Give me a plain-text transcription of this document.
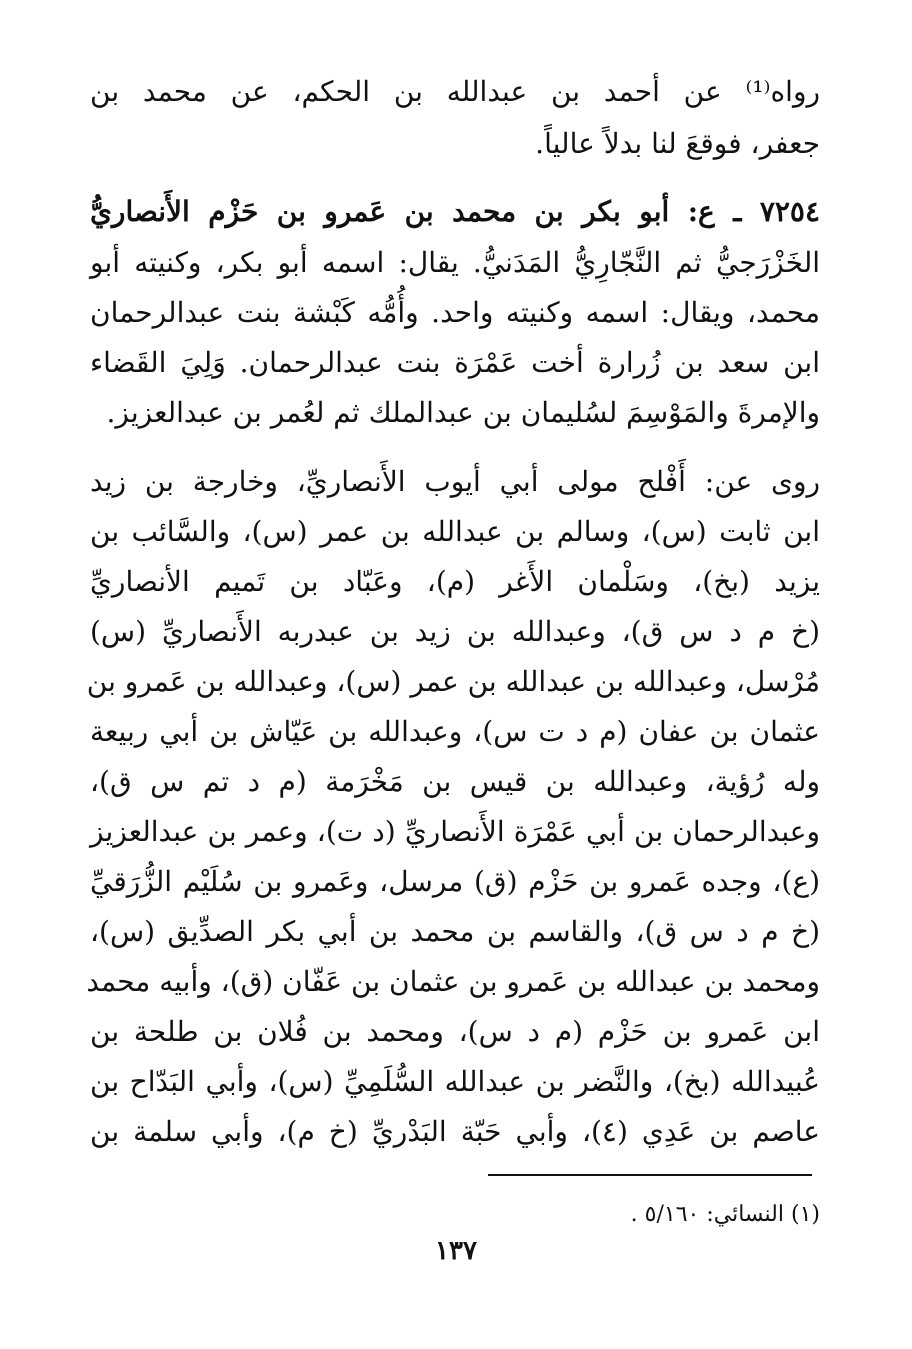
رواه⁽¹⁾ عن أحمد بن عبدالله بن الحكم، عن محمد بن
جعفر، فوقعَ لنا بدلاً عالياً.
٧٢٥٤ ـ ع: أبو بكر بن محمد بن عَمرو بن حَزْم الأَنصاريُّ
الخَزْرَجيُّ ثم النَّجّارِيُّ المَدَنيُّ. يقال: اسمه أبو بكر، وكنيته أبو
محمد، ويقال: اسمه وكنيته واحد. وأُمُّه كَبْشة بنت عبدالرحمان
ابن سعد بن زُرارة أخت عَمْرَة بنت عبدالرحمان. وَلِيَ القَضاء
والإمرةَ والمَوْسِمَ لسُليمان بن عبدالملك ثم لعُمر بن عبدالعزيز.
روى عن: أَفْلح مولى أبي أيوب الأَنصاريِّ، وخارجة بن زيد
ابن ثابت (س)، وسالم بن عبدالله بن عمر (س)، والسَّائب بن
يزيد (بخ)، وسَلْمان الأَغر (م)، وعَبّاد بن تَميم الأنصاريِّ
(خ م د س ق)، وعبدالله بن زيد بن عبدربه الأَنصاريِّ (س)
مُرْسل، وعبدالله بن عبدالله بن عمر (س)، وعبدالله بن عَمرو بن
عثمان بن عفان (م د ت س)، وعبدالله بن عَيّاش بن أبي ربيعة
وله رُؤية، وعبدالله بن قيس بن مَخْرَمة (م د تم س ق)،
وعبدالرحمان بن أبي عَمْرَة الأَنصاريِّ (د ت)، وعمر بن عبدالعزيز
(ع)، وجده عَمرو بن حَزْم (ق) مرسل، وعَمرو بن سُلَيْم الزُّرَقيِّ
(خ م د س ق)، والقاسم بن محمد بن أبي بكر الصدِّيق (س)،
ومحمد بن عبدالله بن عَمرو بن عثمان بن عَفّان (ق)، وأبيه محمد
ابن عَمرو بن حَزْم (م د س)، ومحمد بن فُلان بن طلحة بن
عُبيدالله (بخ)، والنَّضر بن عبدالله السُّلَمِيِّ (س)، وأبي البَدّاح بن
عاصم بن عَدِي (٤)، وأبي حَبّة البَدْريِّ (خ م)، وأبي سلمة بن
(١) النسائي: ٥/١٦٠ .
١٣٧
